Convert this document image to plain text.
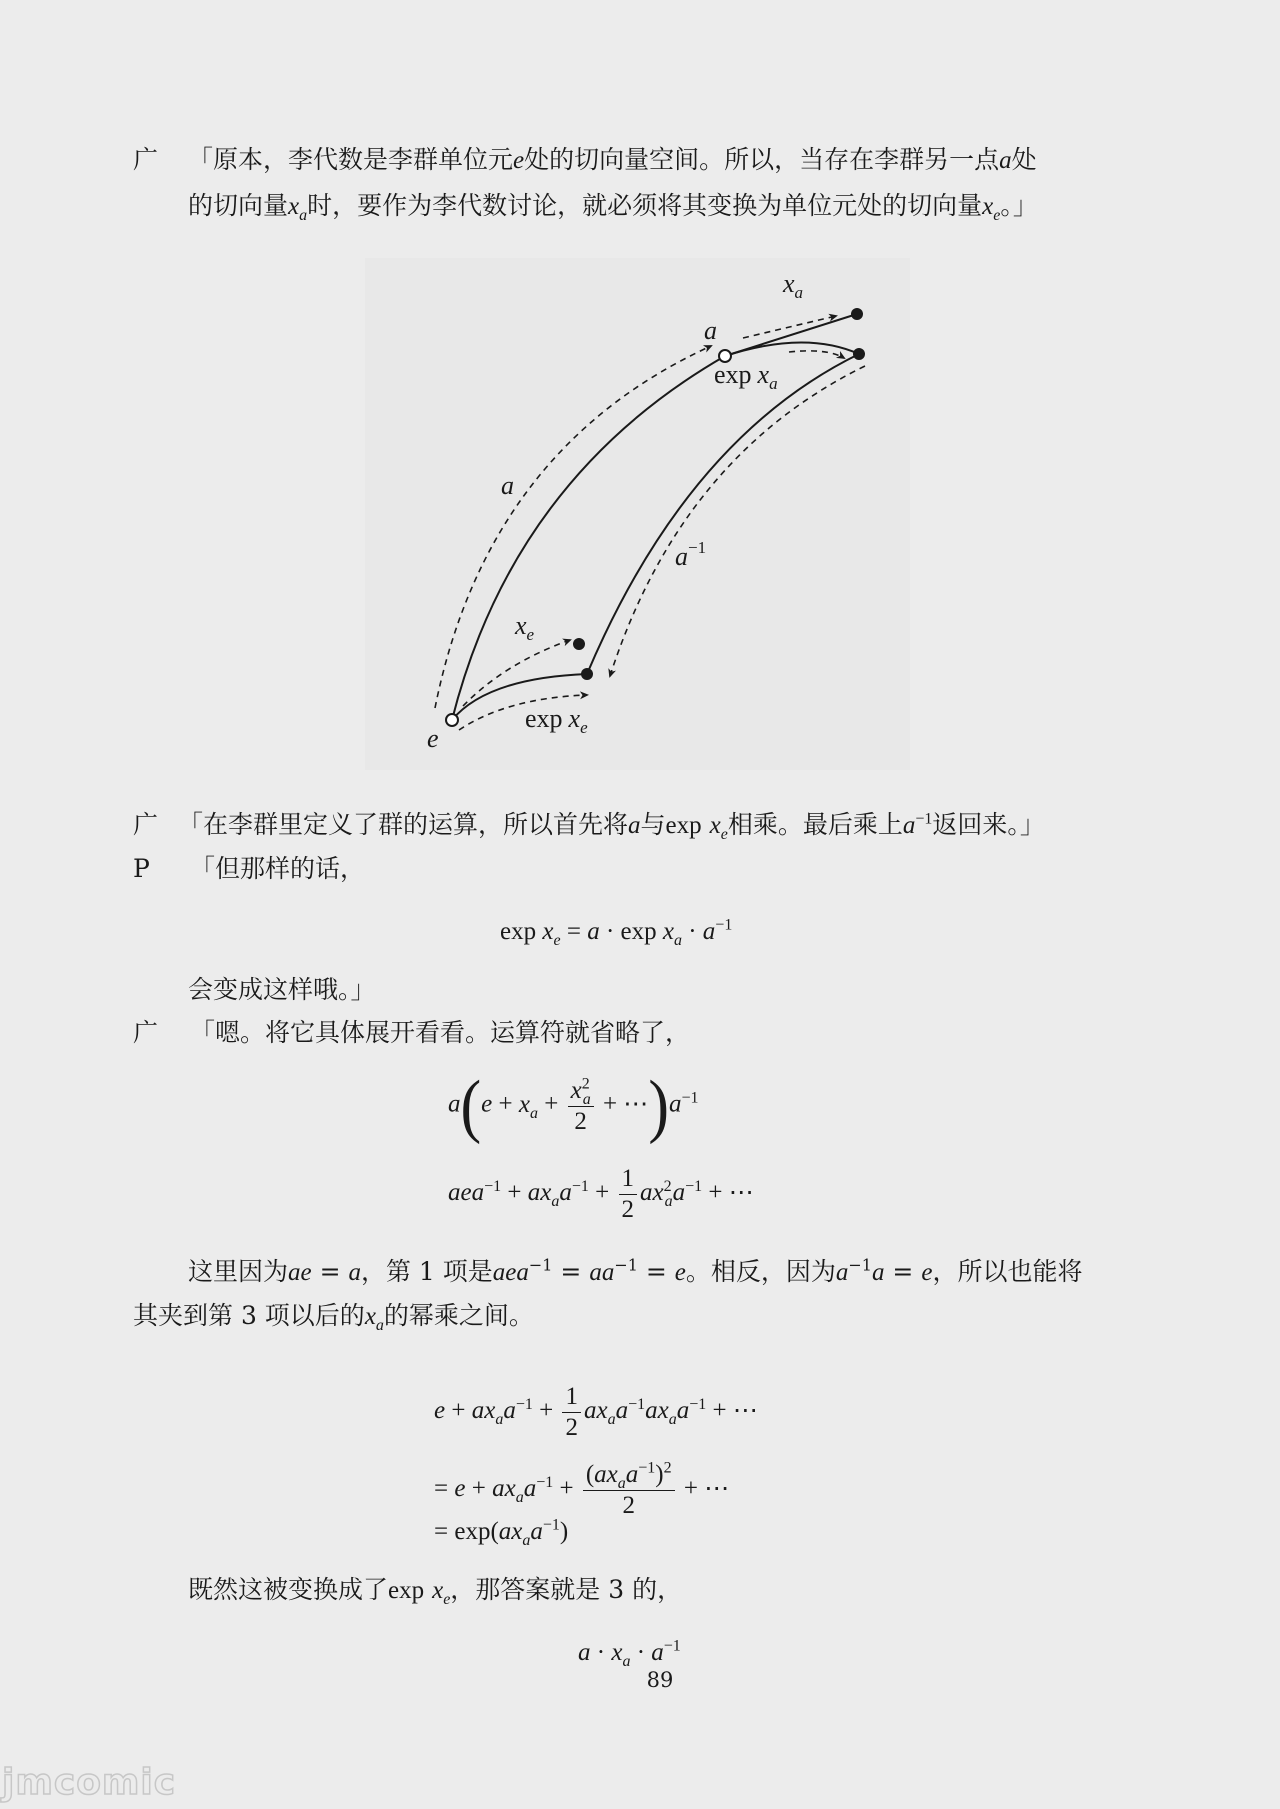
广
广
P
广
「原本，李代数是李群单位元e处的切向量空间。所以，当存在李群另一点a处
的切向量$x_a$时，要作为李代数讨论，就必须将其变换为单位元处的切向量$x_e$。」
$x_a$
a
$\exp x_a$
a
$a^{-1}$
$x_e$
e
$\exp x_e$
「在李群里定义了群的运算，所以首先将a与$\exp x_e$相乘。最后乘上$a^{-1}$返回来。」
「但那样的话，
$\exp x_e = a \cdot \exp x_a \cdot a^{-1}$
会变成这样哦。」
「嗯。将它具体展开看看。运算符就省略了，
$a(e + x_a + \frac{x^2_a}{2}$ + $\cdots)a^{-1}$
$aea^{-1} + ax_aa^{-1} + \frac{1}{2} ax^2_aa^{-1}$ + ⋯
这里因为ae = a，第 1 项是$aea^{-1} = aa^{-1} = e$。相反，因为$a^{-1}a = e$，所以也能将
其夹到第 3 项以后的$x_a$的幂乘之间。
$e + ax_aa^{-1} + \frac{1}{2} ax_aa^{-1}ax_aa^{-1}$ + ⋯
= $e + ax_aa^{-1} + \frac{(ax_aa^{-1})^2}{2}$ + ⋯
= $\exp(ax_aa^{-1})$
既然这被变换成了$\exp x_e$，那答案就是 3 的，
$a \cdot x_a \cdot a^{-1}$
89
jmcomic
